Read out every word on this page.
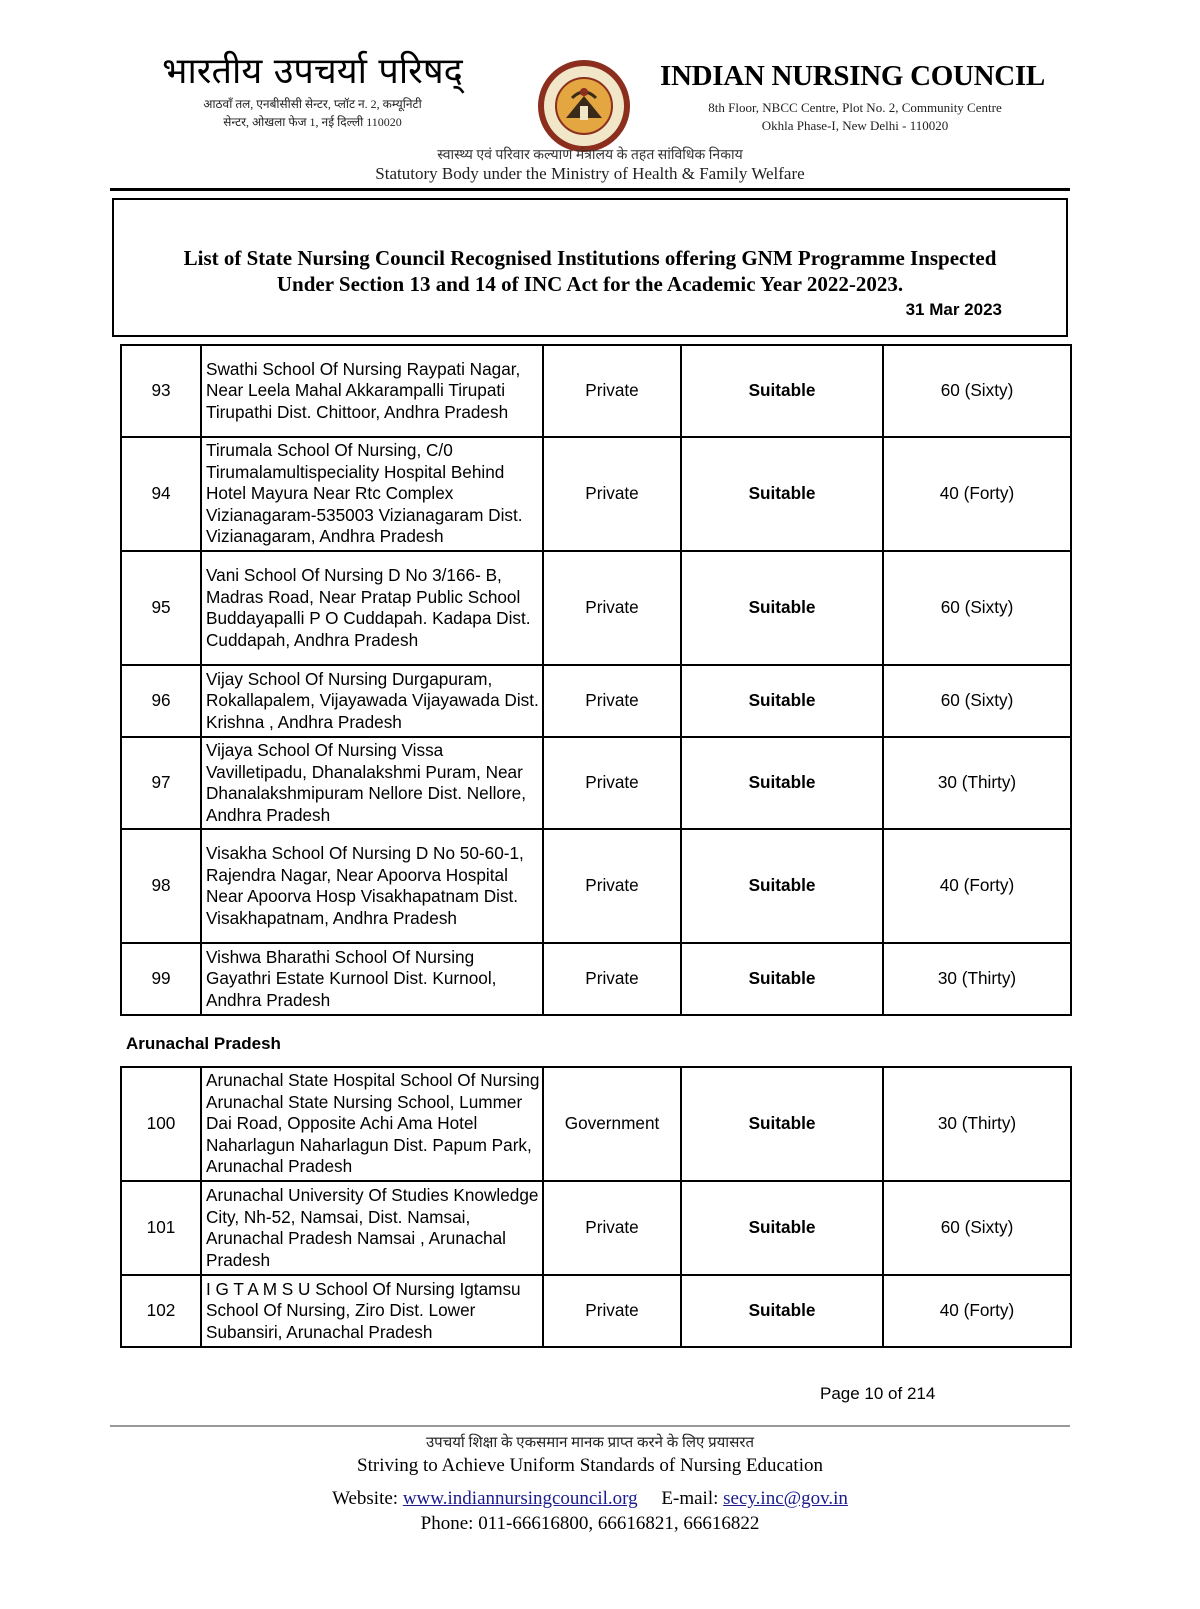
भारतीय उपचर्या परिषद्
आठवाँ तल, एनबीसीसी सेन्टर, प्लॉट न. 2, कम्यूनिटी
सेन्टर, ओखला फेज 1, नई दिल्ली 110020
INDIAN NURSING COUNCIL
8th Floor, NBCC Centre, Plot No. 2, Community Centre
Okhla Phase-I, New Delhi - 110020
स्वास्थ्य एवं परिवार कल्याण मंत्रालय के तहत सांविधिक निकाय
Statutory Body under the Ministry of Health & Family Welfare
List of State Nursing Council Recognised Institutions offering GNM Programme Inspected
Under Section 13 and 14 of INC Act for the Academic Year 2022-2023.
31 Mar 2023
93	Swathi School Of Nursing Raypati Nagar, Near Leela Mahal Akkarampalli Tirupati Tirupathi Dist. Chittoor, Andhra Pradesh	Private	Suitable	60 (Sixty)
94	Tirumala School Of Nursing, C/0 Tirumalamultispeciality Hospital Behind Hotel Mayura Near Rtc Complex Vizianagaram-535003 Vizianagaram Dist. Vizianagaram, Andhra Pradesh	Private	Suitable	40 (Forty)
95	Vani School Of Nursing D No 3/166- B, Madras Road, Near Pratap Public School Buddayapalli P O Cuddapah. Kadapa Dist. Cuddapah, Andhra Pradesh	Private	Suitable	60 (Sixty)
96	Vijay School Of Nursing Durgapuram, Rokallapalem, Vijayawada Vijayawada Dist. Krishna , Andhra Pradesh	Private	Suitable	60 (Sixty)
97	Vijaya School Of Nursing Vissa Vavilletipadu, Dhanalakshmi Puram, Near Dhanalakshmipuram Nellore Dist. Nellore, Andhra Pradesh	Private	Suitable	30 (Thirty)
98	Visakha School Of Nursing D No 50-60-1, Rajendra Nagar, Near Apoorva Hospital Near Apoorva Hosp Visakhapatnam Dist. Visakhapatnam, Andhra Pradesh	Private	Suitable	40 (Forty)
99	Vishwa Bharathi School Of Nursing Gayathri Estate Kurnool Dist. Kurnool, Andhra Pradesh	Private	Suitable	30 (Thirty)
Arunachal Pradesh
100	Arunachal State Hospital School Of Nursing Arunachal State Nursing School, Lummer Dai Road, Opposite Achi Ama Hotel Naharlagun Naharlagun Dist. Papum Park, Arunachal Pradesh	Government	Suitable	30 (Thirty)
101	Arunachal University Of Studies Knowledge City, Nh-52, Namsai, Dist. Namsai, Arunachal Pradesh Namsai , Arunachal Pradesh	Private	Suitable	60 (Sixty)
102	I G T A M S U School Of Nursing Igtamsu School Of Nursing, Ziro Dist. Lower Subansiri, Arunachal Pradesh	Private	Suitable	40 (Forty)
Page 10 of 214
उपचर्या शिक्षा के एकसमान मानक प्राप्त करने के लिए प्रयासरत
Striving to Achieve Uniform Standards of Nursing Education
Website: www.indiannursingcouncil.org E-mail: secy.inc@gov.in
Phone: 011-66616800, 66616821, 66616822
